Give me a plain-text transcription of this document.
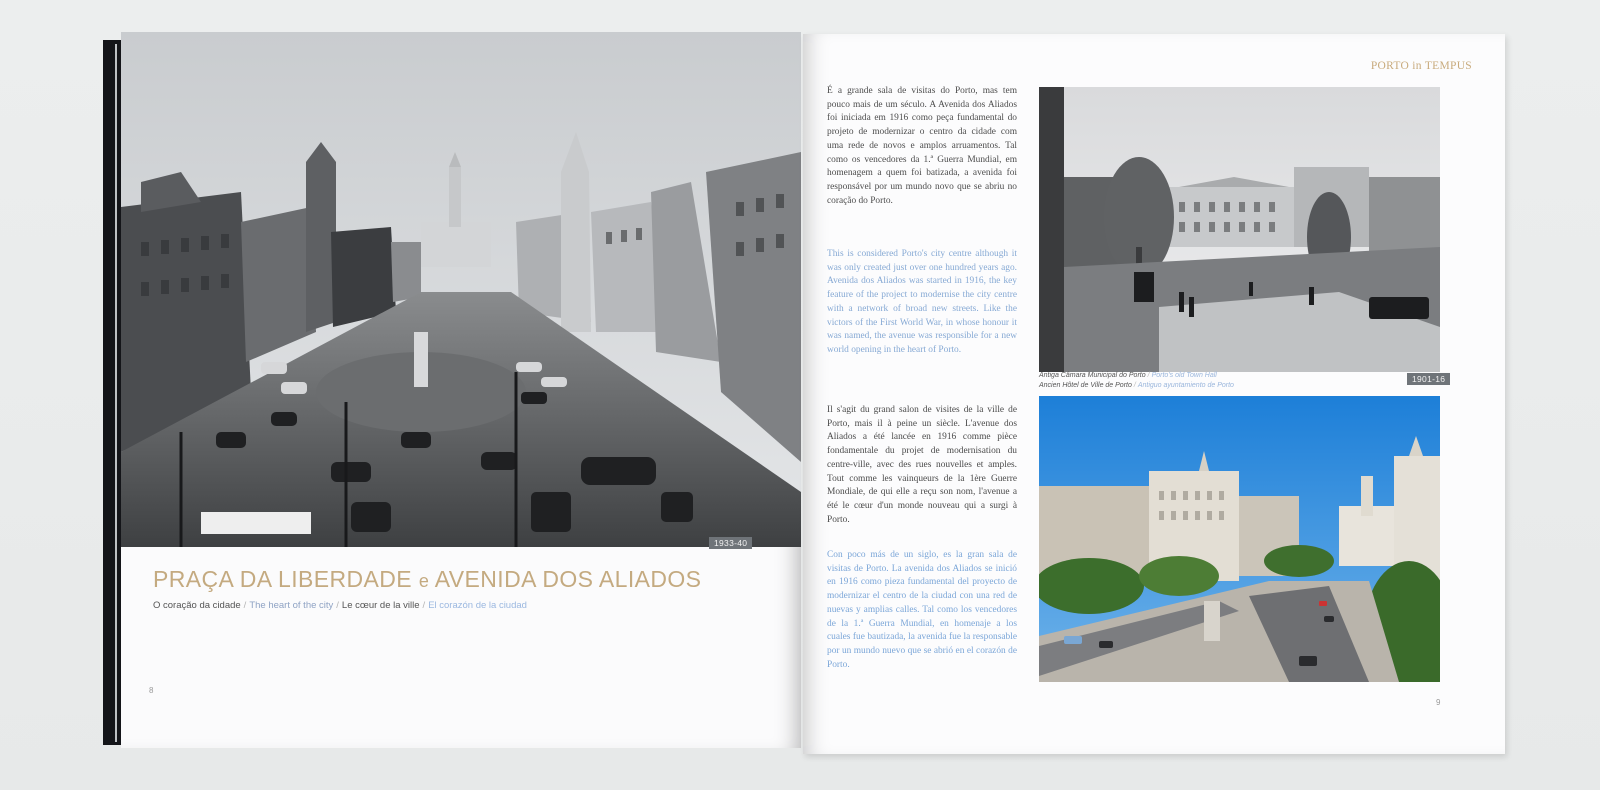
1933-40
PRAÇA DA LIBERDADE e AVENIDA DOS ALIADOS
O coração da cidade / The heart of the city / Le cœur de la ville / El corazón de la ciudad
8
PORTO in TEMPUS
É a grande sala de visitas do Porto, mas tem pouco mais de um século. A Avenida dos Aliados foi iniciada em 1916 como peça fundamental do projeto de modernizar o centro da cidade com uma rede de novos e amplos arruamentos. Tal como os vencedores da 1.ª Guerra Mundial, em homenagem a quem foi batizada, a avenida foi responsável por um mundo novo que se abriu no coração do Porto.
This is considered Porto's city centre although it was only created just over one hundred years ago. Avenida dos Aliados was started in 1916, the key feature of the project to modernise the city centre with a network of broad new streets. Like the victors of the First World War, in whose honour it was named, the avenue was responsible for a new world opening in the heart of Porto.
Il s'agit du grand salon de visites de la ville de Porto, mais il à peine un siècle. L'avenue dos Aliados a été lancée en 1916 comme pièce fondamentale du projet de modernisation du centre-ville, avec des rues nouvelles et amples. Tout comme les vainqueurs de la 1ère Guerre Mondiale, de qui elle a reçu son nom, l'avenue a été le cœur d'un monde nouveau qui a surgi à Porto.
Con poco más de un siglo, es la gran sala de visitas de Porto. La avenida dos Aliados se inició en 1916 como pieza fundamental del proyecto de modernizar el centro de la ciudad con una red de nuevas y amplias calles. Tal como los vencedores de la 1.ª Guerra Mundial, en homenaje a los cuales fue bautizada, la avenida fue la responsable por un mundo nuevo que se abrió en el corazón de Porto.
1901-16
Antiga Câmara Municipal do Porto / Porto's old Town Hall
Ancien Hôtel de Ville de Porto / Antiguo ayuntamiento de Porto
9
